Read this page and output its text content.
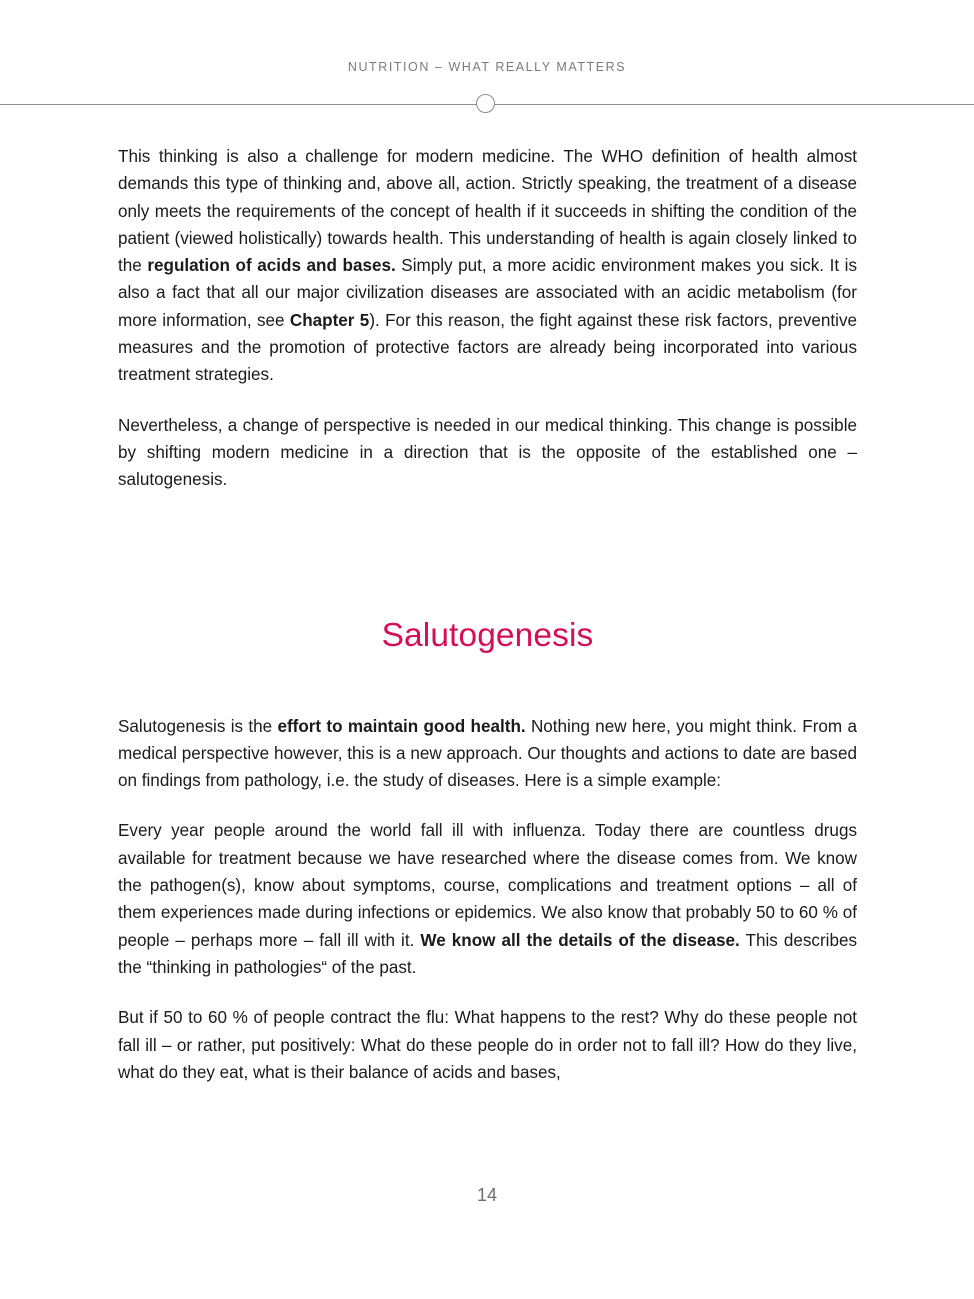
NUTRITION – WHAT REALLY MATTERS

This thinking is also a challenge for modern medicine. The WHO definition of health almost demands this type of thinking and, above all, action. Strictly speaking, the treatment of a disease only meets the requirements of the concept of health if it succeeds in shifting the condition of the patient (viewed holistically) towards health. This understanding of health is again closely linked to the regulation of acids and bases. Simply put, a more acidic environment makes you sick. It is also a fact that all our major civilization diseases are associated with an acidic metabolism (for more information, see Chapter 5). For this reason, the fight against these risk factors, preventive measures and the promotion of protective factors are already being incorporated into various treatment strategies.

Nevertheless, a change of perspective is needed in our medical thinking. This change is possible by shifting modern medicine in a direction that is the opposite of the established one – salutogenesis.

Salutogenesis

Salutogenesis is the effort to maintain good health. Nothing new here, you might think. From a medical perspective however, this is a new approach. Our thoughts and actions to date are based on findings from pathology, i.e. the study of diseases. Here is a simple example:

Every year people around the world fall ill with influenza. Today there are countless drugs available for treatment because we have researched where the disease comes from. We know the pathogen(s), know about symptoms, course, complications and treatment options – all of them experiences made during infections or epidemics. We also know that probably 50 to 60 % of people – perhaps more – fall ill with it. We know all the details of the disease. This describes the “thinking in pathologies“ of the past.

But if 50 to 60 % of people contract the flu: What happens to the rest? Why do these people not fall ill – or rather, put positively: What do these people do in order not to fall ill? How do they live, what do they eat, what is their balance of acids and bases,

14
